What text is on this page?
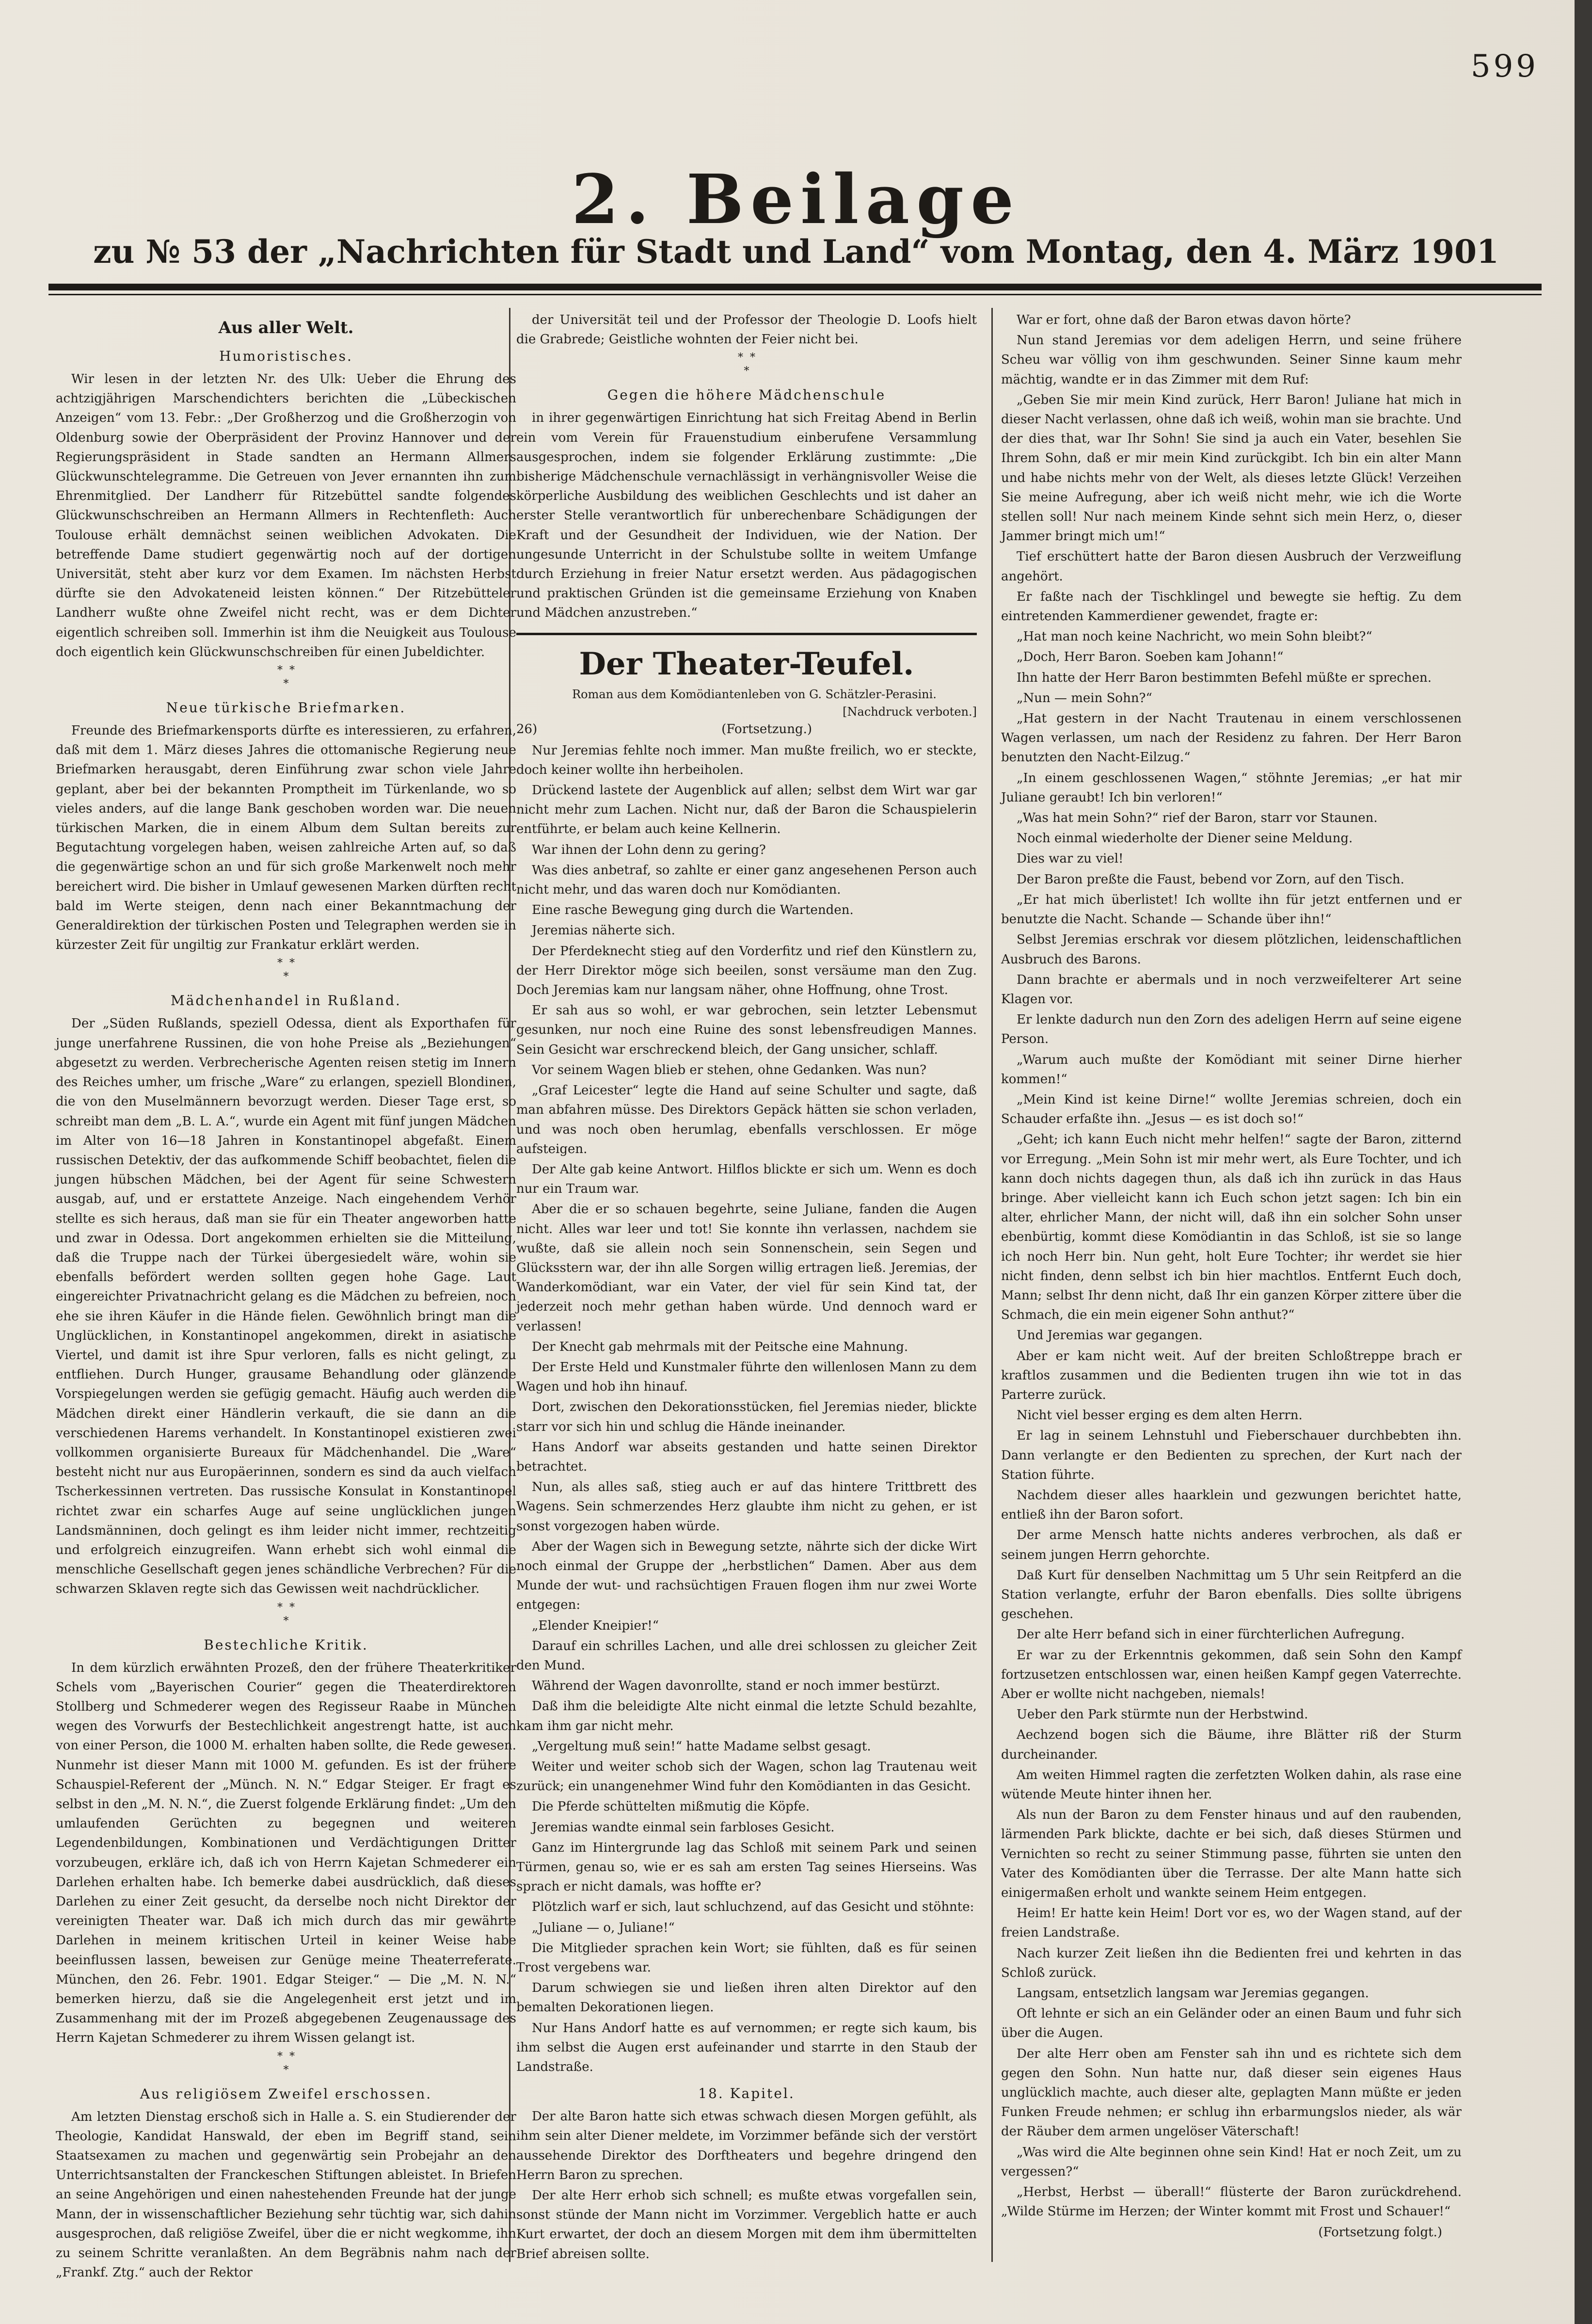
599
2. Beilage
zu № 53 der „Nachrichten für Stadt und Land“ vom Montag, den 4. März 1901
Aus aller Welt.
Humoristisches.

Wir lesen in der letzten Nr. des Ulk: Ueber die Ehrung des achtzigjährigen Marschendichters berichten die „Lübeckischen Anzeigen“ vom 13. Febr.: „Der Großherzog und die Großherzogin von Oldenburg sowie der Oberpräsident der Provinz Hannover und der Regierungspräsident in Stade sandten an Hermann Allmers Glückwunschtelegramme. Die Getreuen von Jever ernannten ihn zum Ehrenmitglied. Der Landherr für Ritzebüttel sandte folgendes Glückwunschschreiben an Hermann Allmers in Rechtenfleth: Auch Toulouse erhält demnächst seinen weiblichen Advokaten. Die betreffende Dame studiert gegenwärtig noch auf der dortigen Universität, steht aber kurz vor dem Examen. Im nächsten Herbst dürfte sie den Advokateneid leisten können.“ Der Ritzebütteler Landherr wußte ohne Zweifel nicht recht, was er dem Dichter eigentlich schreiben soll. Immerhin ist ihm die Neuigkeit aus Toulouse doch eigentlich kein Glückwunschschreiben für einen Jubeldichter.

*  *
*
Neue türkische Briefmarken.

Freunde des Briefmarkensports dürfte es interessieren, zu erfahren, daß mit dem 1. März dieses Jahres die ottomanische Regierung neue Briefmarken herausgabt, deren Einführung zwar schon viele Jahre geplant, aber bei der bekannten Promptheit im Türkenlande, wo so vieles anders, auf die lange Bank geschoben worden war. Die neuen türkischen Marken, die in einem Album dem Sultan bereits zur Begutachtung vorgelegen haben, weisen zahlreiche Arten auf, so daß die gegenwärtige schon an und für sich große Markenwelt noch mehr bereichert wird. Die bisher in Umlauf gewesenen Marken dürften recht bald im Werte steigen, denn nach einer Bekanntmachung der Generaldirektion der türkischen Posten und Telegraphen werden sie in kürzester Zeit für ungiltig zur Frankatur erklärt werden.

*  *
*
Mädchenhandel in Rußland.

Der „Süden Rußlands, speziell Odessa, dient als Exporthafen für junge unerfahrene Russinen, die von hohe Preise als „Beziehungen“ abgesetzt zu werden. Verbrecherische Agenten reisen stetig im Innern des Reiches umher, um frische „Ware“ zu erlangen, speziell Blondinen, die von den Muselmännern bevorzugt werden. Dieser Tage erst, so schreibt man dem „B. L. A.“, wurde ein Agent mit fünf jungen Mädchen im Alter von 16—18 Jahren in Konstantinopel abgefaßt. Einem russischen Detektiv, der das aufkommende Schiff beobachtet, fielen die jungen hübschen Mädchen, bei der Agent für seine Schwestern ausgab, auf, und er erstattete Anzeige. Nach eingehendem Verhör stellte es sich heraus, daß man sie für ein Theater angeworben hatte und zwar in Odessa. Dort angekommen erhielten sie die Mitteilung, daß die Truppe nach der Türkei übergesiedelt wäre, wohin sie ebenfalls befördert werden sollten gegen hohe Gage. Laut eingereichter Privatnachricht gelang es die Mädchen zu befreien, noch ehe sie ihren Käufer in die Hände fielen. Gewöhnlich bringt man die Unglücklichen, in Konstantinopel angekommen, direkt in asiatische Viertel, und damit ist ihre Spur verloren, falls es nicht gelingt, zu entfliehen. Durch Hunger, grausame Behandlung oder glänzende Vorspiegelungen werden sie gefügig gemacht. Häufig auch werden die Mädchen direkt einer Händlerin verkauft, die sie dann an die verschiedenen Harems verhandelt. In Konstantinopel existieren zwei vollkommen organisierte Bureaux für Mädchenhandel. Die „Ware“ besteht nicht nur aus Europäerinnen, sondern es sind da auch vielfach Tscherkessinnen vertreten. Das russische Konsulat in Konstantinopel richtet zwar ein scharfes Auge auf seine unglücklichen jungen Landsmänninen, doch gelingt es ihm leider nicht immer, rechtzeitig und erfolgreich einzugreifen. Wann erhebt sich wohl einmal die menschliche Gesellschaft gegen jenes schändliche Verbrechen? Für die schwarzen Sklaven regte sich das Gewissen weit nachdrücklicher.

*  *
*
Bestechliche Kritik.

In dem kürzlich erwähnten Prozeß, den der frühere Theaterkritiker Schels vom „Bayerischen Courier“ gegen die Theaterdirektoren Stollberg und Schmederer wegen des Regisseur Raabe in München wegen des Vorwurfs der Bestechlichkeit angestrengt hatte, ist auch von einer Person, die 1000 M. erhalten haben sollte, die Rede gewesen. Nunmehr ist dieser Mann mit 1000 M. gefunden. Es ist der frühere Schauspiel-Referent der „Münch. N. N.“ Edgar Steiger. Er fragt es selbst in den „M. N. N.“, die Zuerst folgende Erklärung findet: „Um den umlaufenden Gerüchten zu begegnen und weiteren Legendenbildungen, Kombinationen und Verdächtigungen Dritter vorzubeugen, erkläre ich, daß ich von Herrn Kajetan Schmederer ein Darlehen erhalten habe. Ich bemerke dabei ausdrücklich, daß dieses Darlehen zu einer Zeit gesucht, da derselbe noch nicht Direktor der vereinigten Theater war. Daß ich mich durch das mir gewährte Darlehen in meinem kritischen Urteil in keiner Weise habe beeinflussen lassen, beweisen zur Genüge meine Theaterreferate. München, den 26. Febr. 1901. Edgar Steiger.“ — Die „M. N. N.“ bemerken hierzu, daß sie die Angelegenheit erst jetzt und im Zusammenhang mit der im Prozeß abgegebenen Zeugenaussage des Herrn Kajetan Schmederer zu ihrem Wissen gelangt ist.

*  *
*
Aus religiösem Zweifel erschossen.

Am letzten Dienstag erschoß sich in Halle a. S. ein Studierender der Theologie, Kandidat Hanswald, der eben im Begriff stand, sein Staatsexamen zu machen und gegenwärtig sein Probejahr an den Unterrichtsanstalten der Franckeschen Stiftungen ableistet. In Briefen an seine Angehörigen und einen nahestehenden Freunde hat der junge Mann, der in wissenschaftlicher Beziehung sehr tüchtig war, sich dahin ausgesprochen, daß religiöse Zweifel, über die er nicht wegkomme, ihn zu seinem Schritte veranlaßten. An dem Begräbnis nahm nach der „Frankf. Ztg.“ auch der Rektor

der Universität teil und der Professor der Theologie D. Loofs hielt die Grabrede; Geistliche wohnten der Feier nicht bei.

*  *
*
Gegen die höhere Mädchenschule

in ihrer gegenwärtigen Einrichtung hat sich Freitag Abend in Berlin ein vom Verein für Frauenstudium einberufene Versammlung ausgesprochen, indem sie folgender Erklärung zustimmte: „Die bisherige Mädchenschule vernachlässigt in verhängnisvoller Weise die körperliche Ausbildung des weiblichen Geschlechts und ist daher an erster Stelle verantwortlich für unberechenbare Schädigungen der Kraft und der Gesundheit der Individuen, wie der Nation. Der ungesunde Unterricht in der Schulstube sollte in weitem Umfange durch Erziehung in freier Natur ersetzt werden. Aus pädagogischen und praktischen Gründen ist die gemeinsame Erziehung von Knaben und Mädchen anzustreben.“

Der Theater-Teufel.

Roman aus dem Komödiantenleben von G. Schätzler-Perasini.

[Nachdruck verboten.]

26)	(Fortsetzung.)

Nur Jeremias fehlte noch immer. Man mußte freilich, wo er steckte, doch keiner wollte ihn herbeiholen.

Drückend lastete der Augenblick auf allen; selbst dem Wirt war gar nicht mehr zum Lachen. Nicht nur, daß der Baron die Schauspielerin entführte, er belam auch keine Kellnerin.

War ihnen der Lohn denn zu gering?

Was dies anbetraf, so zahlte er einer ganz angesehenen Person auch nicht mehr, und das waren doch nur Komödianten.

Eine rasche Bewegung ging durch die Wartenden.

Jeremias näherte sich.

Der Pferdeknecht stieg auf den Vorderfitz und rief den Künstlern zu, der Herr Direktor möge sich beeilen, sonst versäume man den Zug. Doch Jeremias kam nur langsam näher, ohne Hoffnung, ohne Trost.

Er sah aus so wohl, er war gebrochen, sein letzter Lebensmut gesunken, nur noch eine Ruine des sonst lebensfreudigen Mannes. Sein Gesicht war erschreckend bleich, der Gang unsicher, schlaff.

Vor seinem Wagen blieb er stehen, ohne Gedanken. Was nun?

„Graf Leicester“ legte die Hand auf seine Schulter und sagte, daß man abfahren müsse. Des Direktors Gepäck hätten sie schon verladen, und was noch oben herumlag, ebenfalls verschlossen. Er möge aufsteigen.

Der Alte gab keine Antwort. Hilflos blickte er sich um. Wenn es doch nur ein Traum war.

Aber die er so schauen begehrte, seine Juliane, fanden die Augen nicht. Alles war leer und tot! Sie konnte ihn verlassen, nachdem sie wußte, daß sie allein noch sein Sonnenschein, sein Segen und Glücksstern war, der ihn alle Sorgen willig ertragen ließ. Jeremias, der Wanderkomödiant, war ein Vater, der viel für sein Kind tat, der jederzeit noch mehr gethan haben würde. Und dennoch ward er verlassen!

Der Knecht gab mehrmals mit der Peitsche eine Mahnung.

Der Erste Held und Kunstmaler führte den willenlosen Mann zu dem Wagen und hob ihn hinauf.

Dort, zwischen den Dekorationsstücken, fiel Jeremias nieder, blickte starr vor sich hin und schlug die Hände ineinander.

Hans Andorf war abseits gestanden und hatte seinen Direktor betrachtet.

Nun, als alles saß, stieg auch er auf das hintere Trittbrett des Wagens. Sein schmerzendes Herz glaubte ihm nicht zu gehen, er ist sonst vorgezogen haben würde.

Aber der Wagen sich in Bewegung setzte, nährte sich der dicke Wirt noch einmal der Gruppe der „herbstlichen“ Damen. Aber aus dem Munde der wut- und rachsüchtigen Frauen flogen ihm nur zwei Worte entgegen:

„Elender Kneipier!“

Darauf ein schrilles Lachen, und alle drei schlossen zu gleicher Zeit den Mund.

Während der Wagen davonrollte, stand er noch immer bestürzt.

Daß ihm die beleidigte Alte nicht einmal die letzte Schuld bezahlte, kam ihm gar nicht mehr.

„Vergeltung muß sein!“ hatte Madame selbst gesagt.

Weiter und weiter schob sich der Wagen, schon lag Trautenau weit zurück; ein unangenehmer Wind fuhr den Komödianten in das Gesicht.

Die Pferde schüttelten mißmutig die Köpfe.

Jeremias wandte einmal sein farbloses Gesicht.

Ganz im Hintergrunde lag das Schloß mit seinem Park und seinen Türmen, genau so, wie er es sah am ersten Tag seines Hierseins. Was sprach er nicht damals, was hoffte er?

Plötzlich warf er sich, laut schluchzend, auf das Gesicht und stöhnte:

„Juliane — o, Juliane!“

Die Mitglieder sprachen kein Wort; sie fühlten, daß es für seinen Trost vergebens war.

Darum schwiegen sie und ließen ihren alten Direktor auf den bemalten Dekorationen liegen.

Nur Hans Andorf hatte es auf vernommen; er regte sich kaum, bis ihm selbst die Augen erst aufeinander und starrte in den Staub der Landstraße.

18. Kapitel.

Der alte Baron hatte sich etwas schwach diesen Morgen gefühlt, als ihm sein alter Diener meldete, im Vorzimmer befände sich der verstört aussehende Direktor des Dorftheaters und begehre dringend den Herrn Baron zu sprechen.

Der alte Herr erhob sich schnell; es mußte etwas vorgefallen sein, sonst stünde der Mann nicht im Vorzimmer. Vergeblich hatte er auch Kurt erwartet, der doch an diesem Morgen mit dem ihm übermittelten Brief abreisen sollte.

War er fort, ohne daß der Baron etwas davon hörte?

Nun stand Jeremias vor dem adeligen Herrn, und seine frühere Scheu war völlig von ihm geschwunden. Seiner Sinne kaum mehr mächtig, wandte er in das Zimmer mit dem Ruf:

„Geben Sie mir mein Kind zurück, Herr Baron! Juliane hat mich in dieser Nacht verlassen, ohne daß ich weiß, wohin man sie brachte. Und der dies that, war Ihr Sohn! Sie sind ja auch ein Vater, besehlen Sie Ihrem Sohn, daß er mir mein Kind zurückgibt. Ich bin ein alter Mann und habe nichts mehr von der Welt, als dieses letzte Glück! Verzeihen Sie meine Aufregung, aber ich weiß nicht mehr, wie ich die Worte stellen soll! Nur nach meinem Kinde sehnt sich mein Herz, o, dieser Jammer bringt mich um!“

Tief erschüttert hatte der Baron diesen Ausbruch der Verzweiflung angehört.

Er faßte nach der Tischklingel und bewegte sie heftig. Zu dem eintretenden Kammerdiener gewendet, fragte er:

„Hat man noch keine Nachricht, wo mein Sohn bleibt?“

„Doch, Herr Baron. Soeben kam Johann!“

Ihn hatte der Herr Baron bestimmten Befehl müßte er sprechen.

„Nun — mein Sohn?“

„Hat gestern in der Nacht Trautenau in einem verschlossenen Wagen verlassen, um nach der Residenz zu fahren. Der Herr Baron benutzten den Nacht-Eilzug.“

„In einem geschlossenen Wagen,“ stöhnte Jeremias; „er hat mir Juliane geraubt! Ich bin verloren!“

„Was hat mein Sohn?“ rief der Baron, starr vor Staunen.

Noch einmal wiederholte der Diener seine Meldung.

Dies war zu viel!

Der Baron preßte die Faust, bebend vor Zorn, auf den Tisch.

„Er hat mich überlistet! Ich wollte ihn für jetzt entfernen und er benutzte die Nacht. Schande — Schande über ihn!“

Selbst Jeremias erschrak vor diesem plötzlichen, leidenschaftlichen Ausbruch des Barons.

Dann brachte er abermals und in noch verzweifelterer Art seine Klagen vor.

Er lenkte dadurch nun den Zorn des adeligen Herrn auf seine eigene Person.

„Warum auch mußte der Komödiant mit seiner Dirne hierher kommen!“

„Mein Kind ist keine Dirne!“ wollte Jeremias schreien, doch ein Schauder erfaßte ihn. „Jesus — es ist doch so!“

„Geht; ich kann Euch nicht mehr helfen!“ sagte der Baron, zitternd vor Erregung. „Mein Sohn ist mir mehr wert, als Eure Tochter, und ich kann doch nichts dagegen thun, als daß ich ihn zurück in das Haus bringe. Aber vielleicht kann ich Euch schon jetzt sagen: Ich bin ein alter, ehrlicher Mann, der nicht will, daß ihn ein solcher Sohn unser ebenbürtig, kommt diese Komödiantin in das Schloß, ist sie so lange ich noch Herr bin. Nun geht, holt Eure Tochter; ihr werdet sie hier nicht finden, denn selbst ich bin hier machtlos. Entfernt Euch doch, Mann; selbst Ihr denn nicht, daß Ihr ein ganzen Körper zittere über die Schmach, die ein mein eigener Sohn anthut?“

Und Jeremias war gegangen.

Aber er kam nicht weit. Auf der breiten Schloßtreppe brach er kraftlos zusammen und die Bedienten trugen ihn wie tot in das Parterre zurück.

Nicht viel besser erging es dem alten Herrn.

Er lag in seinem Lehnstuhl und Fieberschauer durchbebten ihn. Dann verlangte er den Bedienten zu sprechen, der Kurt nach der Station führte.

Nachdem dieser alles haarklein und gezwungen berichtet hatte, entließ ihn der Baron sofort.

Der arme Mensch hatte nichts anderes verbrochen, als daß er seinem jungen Herrn gehorchte.

Daß Kurt für denselben Nachmittag um 5 Uhr sein Reitpferd an die Station verlangte, erfuhr der Baron ebenfalls. Dies sollte übrigens geschehen.

Der alte Herr befand sich in einer fürchterlichen Aufregung.

Er war zu der Erkenntnis gekommen, daß sein Sohn den Kampf fortzusetzen entschlossen war, einen heißen Kampf gegen Vaterrechte. Aber er wollte nicht nachgeben, niemals!

Ueber den Park stürmte nun der Herbstwind.

Aechzend bogen sich die Bäume, ihre Blätter riß der Sturm durcheinander.

Am weiten Himmel ragten die zerfetzten Wolken dahin, als rase eine wütende Meute hinter ihnen her.

Als nun der Baron zu dem Fenster hinaus und auf den raubenden, lärmenden Park blickte, dachte er bei sich, daß dieses Stürmen und Vernichten so recht zu seiner Stimmung passe, führten sie unten den Vater des Komödianten über die Terrasse. Der alte Mann hatte sich einigermaßen erholt und wankte seinem Heim entgegen.

Heim! Er hatte kein Heim! Dort vor es, wo der Wagen stand, auf der freien Landstraße.

Nach kurzer Zeit ließen ihn die Bedienten frei und kehrten in das Schloß zurück.

Langsam, entsetzlich langsam war Jeremias gegangen.

Oft lehnte er sich an ein Geländer oder an einen Baum und fuhr sich über die Augen.

Der alte Herr oben am Fenster sah ihn und es richtete sich dem gegen den Sohn. Nun hatte nur, daß dieser sein eigenes Haus unglücklich machte, auch dieser alte, geplagten Mann müßte er jeden Funken Freude nehmen; er schlug ihn erbarmungslos nieder, als wär der Räuber dem armen ungelöser Väterschaft!

„Was wird die Alte beginnen ohne sein Kind! Hat er noch Zeit, um zu vergessen?“

„Herbst, Herbst — überall!“ flüsterte der Baron zurückdrehend. „Wilde Stürme im Herzen; der Winter kommt mit Frost und Schauer!“

(Fortsetzung folgt.)
